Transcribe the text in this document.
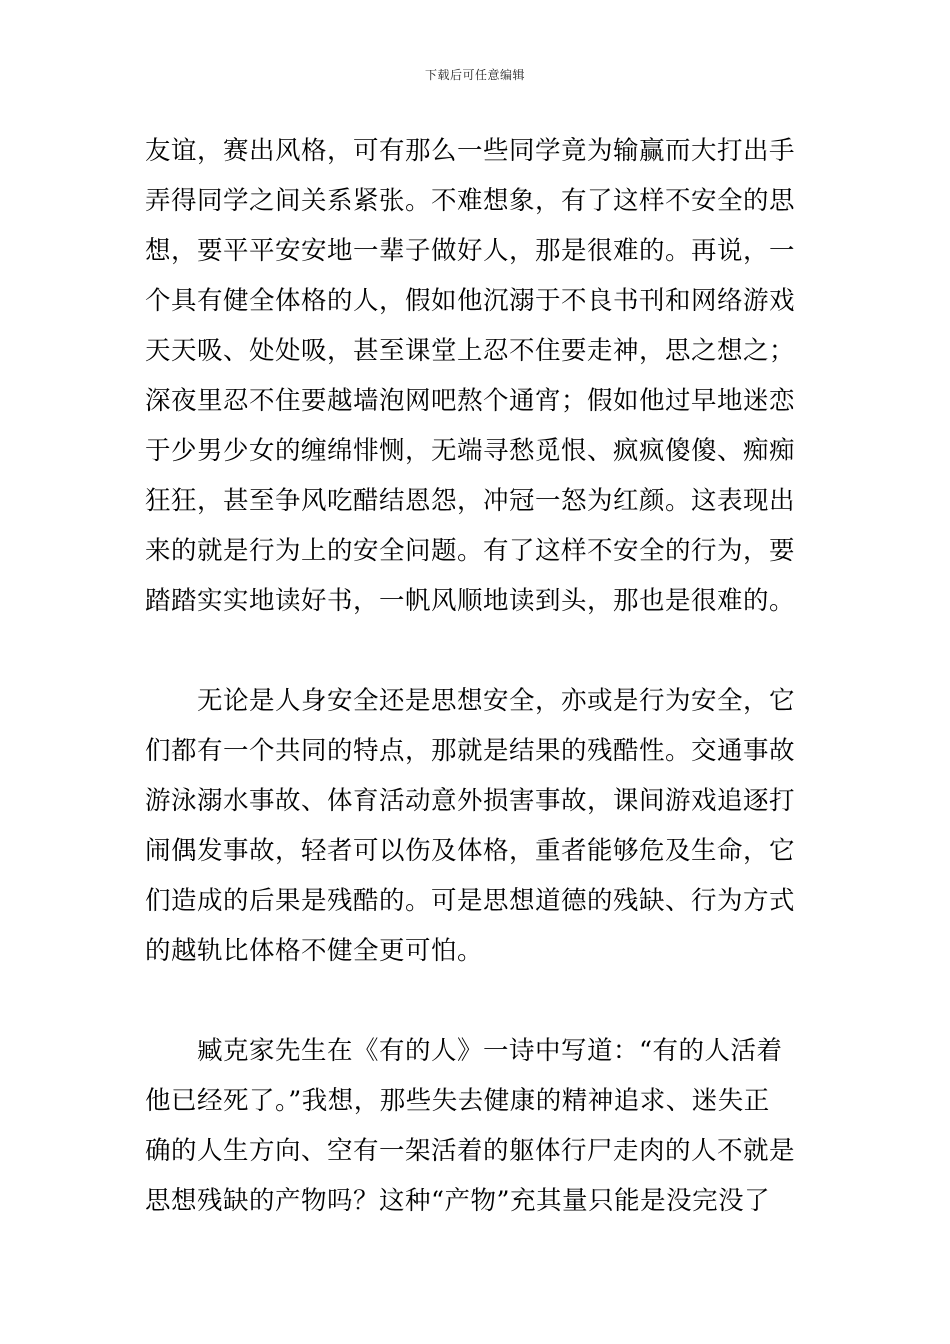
下载后可任意编辑
友谊，赛出风格，可有那么一些同学竟为输赢而大打出手
弄得同学之间关系紧张。不难想象，有了这样不安全的思
想，要平平安安地一辈子做好人，那是很难的。再说，一
个具有健全体格的人，假如他沉溺于不良书刊和网络游戏
天天吸、处处吸，甚至课堂上忍不住要走神，思之想之；
深夜里忍不住要越墙泡网吧熬个通宵；假如他过早地迷恋
于少男少女的缠绵悱恻，无端寻愁觅恨、疯疯傻傻、痴痴
狂狂，甚至争风吃醋结恩怨，冲冠一怒为红颜。这表现出
来的就是行为上的安全问题。有了这样不安全的行为，要
踏踏实实地读好书，一帆风顺地读到头，那也是很难的。
无论是人身安全还是思想安全，亦或是行为安全，它
们都有一个共同的特点，那就是结果的残酷性。交通事故
游泳溺水事故、体育活动意外损害事故，课间游戏追逐打
闹偶发事故，轻者可以伤及体格，重者能够危及生命，它
们造成的后果是残酷的。可是思想道德的残缺、行为方式
的越轨比体格不健全更可怕。
臧克家先生在《有的人》一诗中写道：“有的人活着
他已经死了。”我想，那些失去健康的精神追求、迷失正
确的人生方向、空有一架活着的躯体行尸走肉的人不就是
思想残缺的产物吗？这种“产物”充其量只能是没完没了
